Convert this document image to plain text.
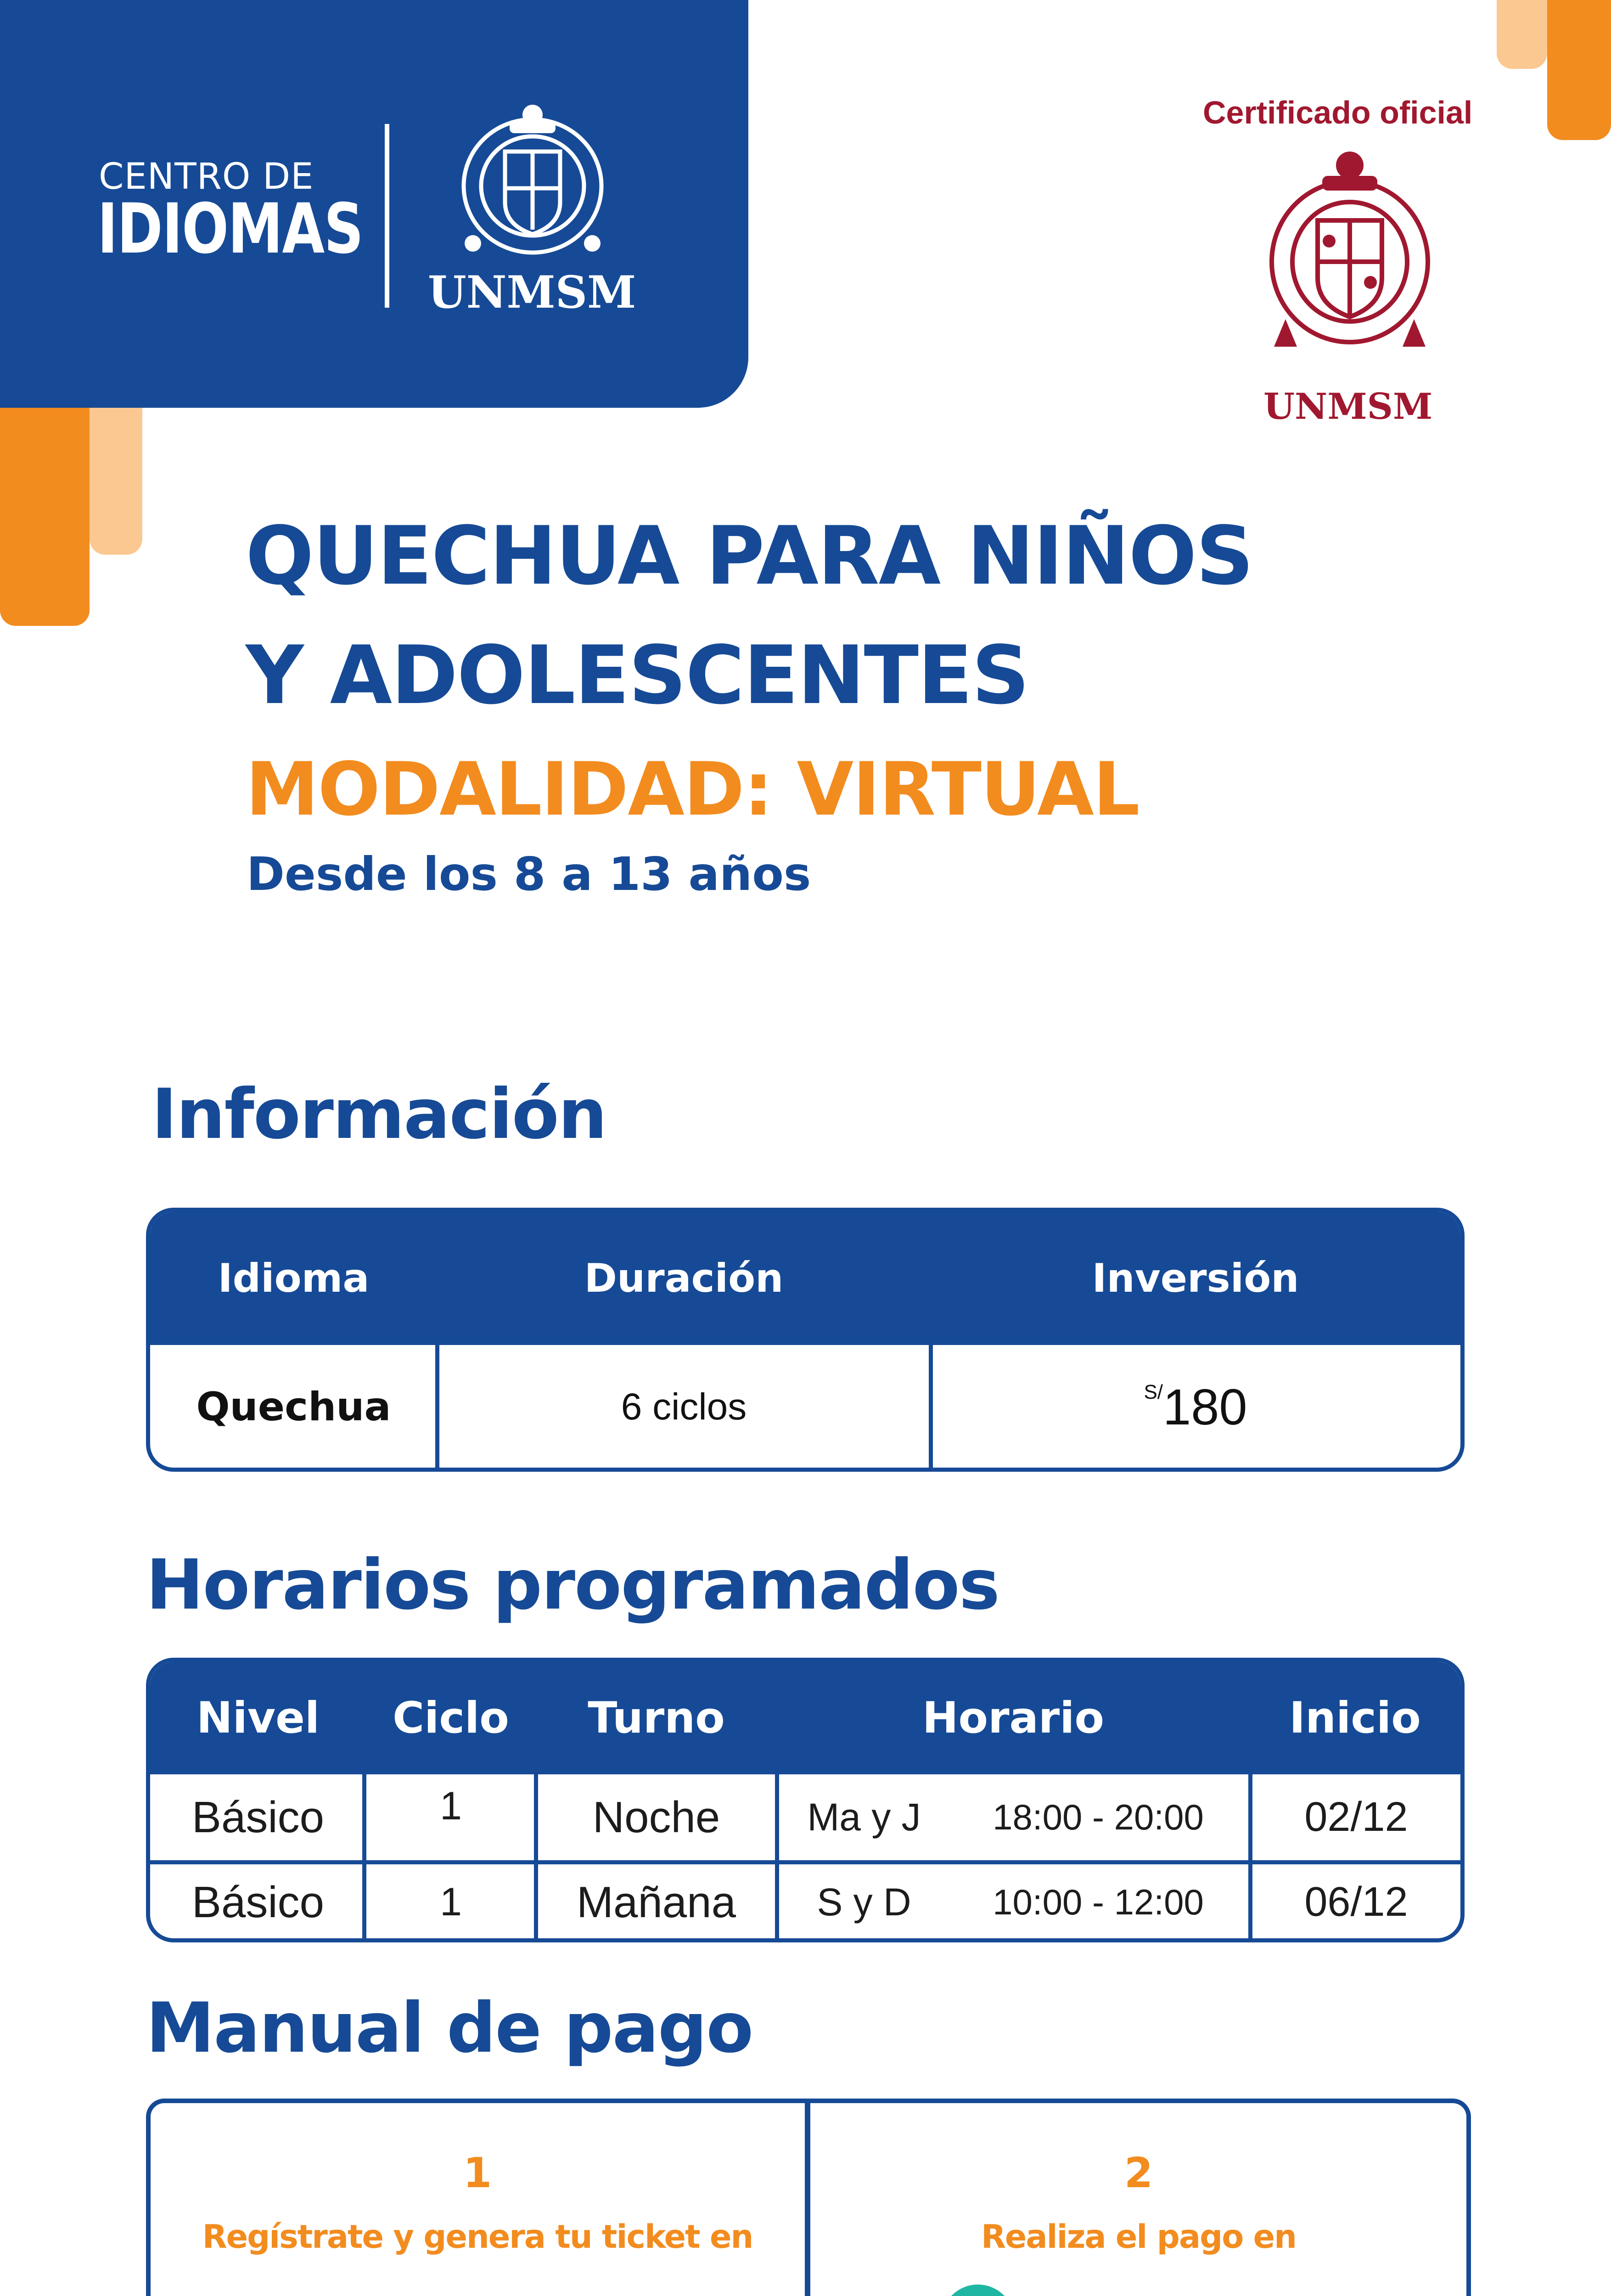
CENTRO DE
IDIOMAS
UNMSM
Certificado oficial
UNMSM
QUECHUA PARA NIÑOS
Y ADOLESCENTES
MODALIDAD: VIRTUAL
Desde los 8 a 13 años
Información
Idioma	Duración	Inversión
Quechua	6 ciclos	S/ 180
Horarios programados
Nivel	Ciclo	Turno	Horario	Inicio
Básico	1	Noche	Ma y J	18:00 - 20:00	02/12
Básico	1	Mañana	S y D	10:00 - 12:00	06/12
Manual de pago
1
Regístrate y genera tu ticket en
2
Realiza el pago en
